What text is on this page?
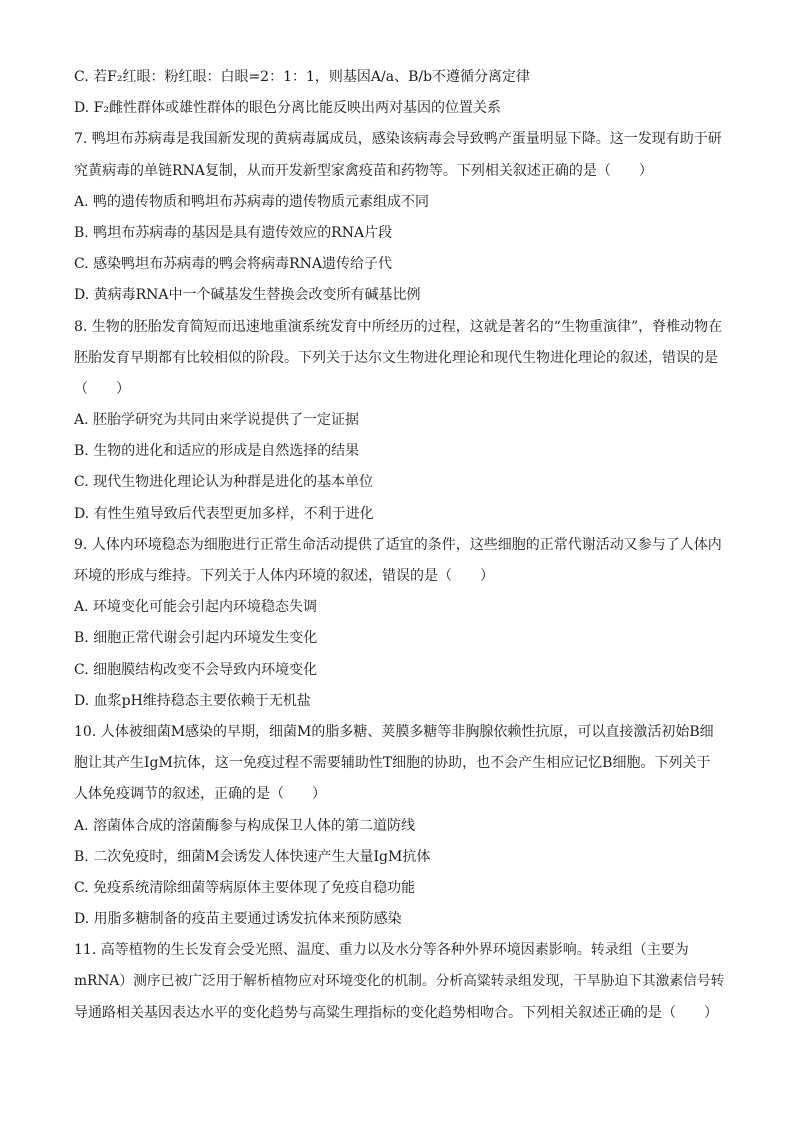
C. 若F₂红眼：粉红眼：白眼=2：1：1，则基因A/a、B/b不遵循分离定律
D. F₂雌性群体或雄性群体的眼色分离比能反映出两对基因的位置关系
7. 鸭坦布苏病毒是我国新发现的黄病毒属成员，感染该病毒会导致鸭产蛋量明显下降。这一发现有助于研
究黄病毒的单链RNA复制，从而开发新型家禽疫苗和药物等。下列相关叙述正确的是（　　）
A. 鸭的遗传物质和鸭坦布苏病毒的遗传物质元素组成不同
B. 鸭坦布苏病毒的基因是具有遗传效应的RNA片段
C. 感染鸭坦布苏病毒的鸭会将病毒RNA遗传给子代
D. 黄病毒RNA中一个碱基发生替换会改变所有碱基比例
8. 生物的胚胎发育简短而迅速地重演系统发育中所经历的过程，这就是著名的“生物重演律”，脊椎动物在
胚胎发育早期都有比较相似的阶段。下列关于达尔文生物进化理论和现代生物进化理论的叙述，错误的是
（　　）
A. 胚胎学研究为共同由来学说提供了一定证据
B. 生物的进化和适应的形成是自然选择的结果
C. 现代生物进化理论认为种群是进化的基本单位
D. 有性生殖导致后代表型更加多样，不利于进化
9. 人体内环境稳态为细胞进行正常生命活动提供了适宜的条件，这些细胞的正常代谢活动又参与了人体内
环境的形成与维持。下列关于人体内环境的叙述，错误的是（　　）
A. 环境变化可能会引起内环境稳态失调
B. 细胞正常代谢会引起内环境发生变化
C. 细胞膜结构改变不会导致内环境变化
D. 血浆pH维持稳态主要依赖于无机盐
10. 人体被细菌M感染的早期，细菌M的脂多糖、荚膜多糖等非胸腺依赖性抗原，可以直接激活初始B细
胞让其产生IgM抗体，这一免疫过程不需要辅助性T细胞的协助，也不会产生相应记忆B细胞。下列关于
人体免疫调节的叙述，正确的是（　　）
A. 溶菌体合成的溶菌酶参与构成保卫人体的第二道防线
B. 二次免疫时，细菌M会诱发人体快速产生大量IgM抗体
C. 免疫系统清除细菌等病原体主要体现了免疫自稳功能
D. 用脂多糖制备的疫苗主要通过诱发抗体来预防感染
11. 高等植物的生长发育会受光照、温度、重力以及水分等各种外界环境因素影响。转录组（主要为
mRNA）测序已被广泛用于解析植物应对环境变化的机制。分析高粱转录组发现，干旱胁迫下其激素信号转
导通路相关基因表达水平的变化趋势与高粱生理指标的变化趋势相吻合。下列相关叙述正确的是（　　）
